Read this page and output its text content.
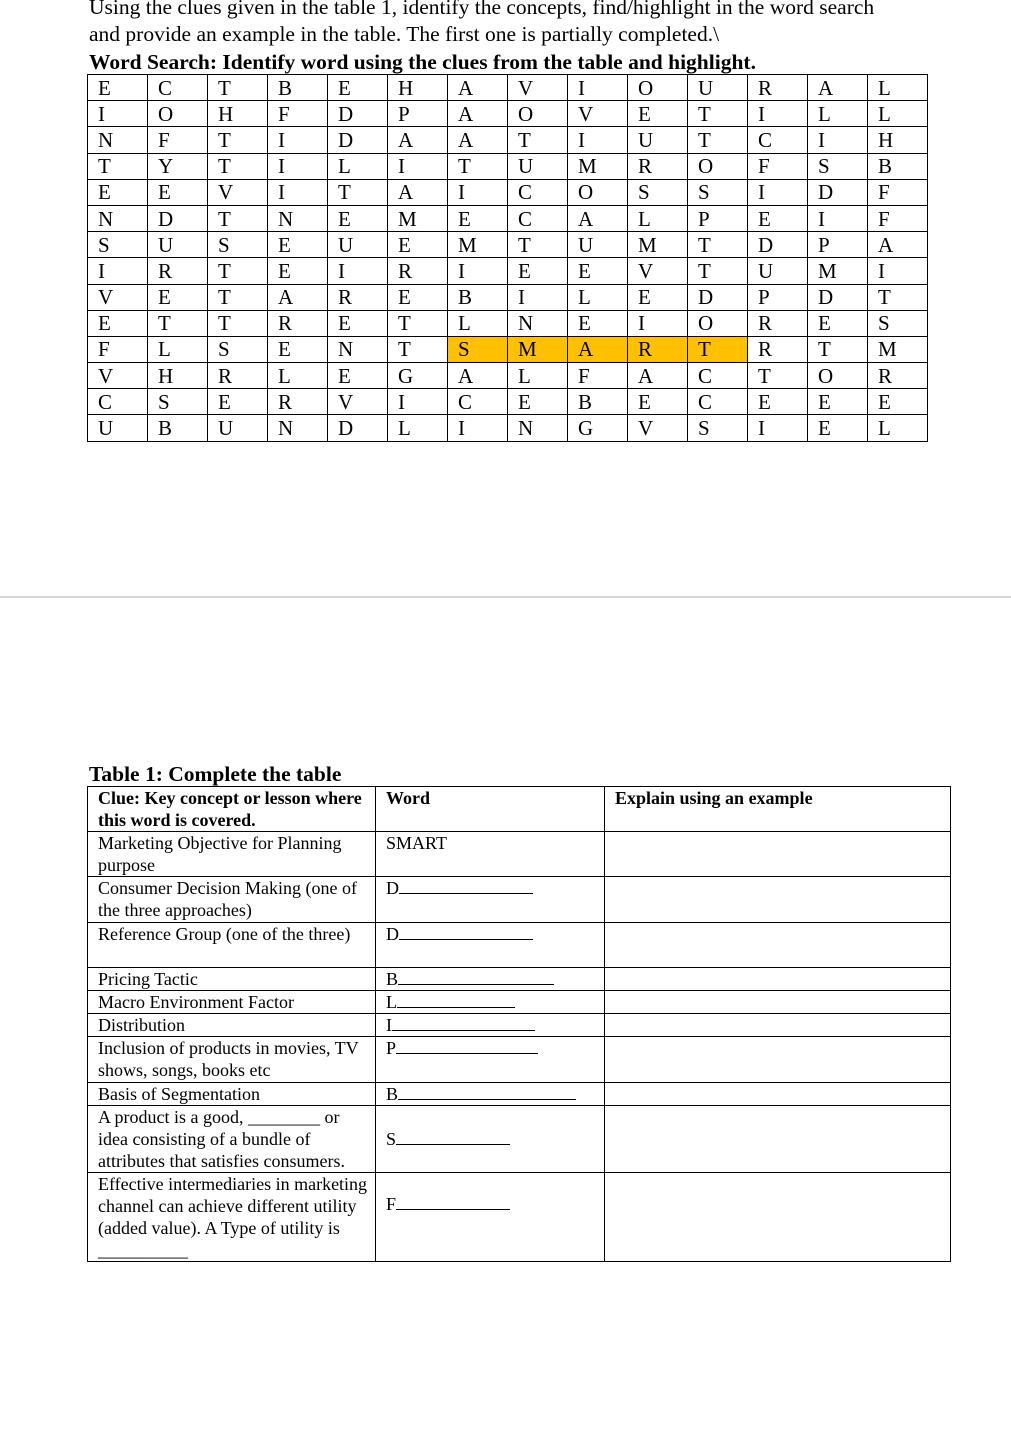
Using the clues given in the table 1, identify the concepts, find/highlight in the word search
and provide an example in the table. The first one is partially completed.\

Word Search: Identify word using the clues from the table and highlight.

E	C	T	B	E	H	A	V	I	O	U	R	A	L
I	O	H	F	D	P	A	O	V	E	T	I	L	L
N	F	T	I	D	A	A	T	I	U	T	C	I	H
T	Y	T	I	L	I	T	U	M	R	O	F	S	B
E	E	V	I	T	A	I	C	O	S	S	I	D	F
N	D	T	N	E	M	E	C	A	L	P	E	I	F
S	U	S	E	U	E	M	T	U	M	T	D	P	A
I	R	T	E	I	R	I	E	E	V	T	U	M	I
V	E	T	A	R	E	B	I	L	E	D	P	D	T
E	T	T	R	E	T	L	N	E	I	O	R	E	S
F	L	S	E	N	T	S	M	A	R	T	R	T	M
V	H	R	L	E	G	A	L	F	A	C	T	O	R
C	S	E	R	V	I	C	E	B	E	C	E	E	E
U	B	U	N	D	L	I	N	G	V	S	I	E	L

Table 1: Complete the table

Clue: Key concept or lesson where this word is covered.	Word	Explain using an example
Marketing Objective for Planning purpose	SMART	
Consumer Decision Making (one of the three approaches)	D	
Reference Group (one of the three)	D	
Pricing Tactic	B	
Macro Environment Factor	L	
Distribution	I	
Inclusion of products in movies, TV shows, songs, books etc	P	
Basis of Segmentation	B	
A product is a good, ________ or idea consisting of a bundle of attributes that satisfies consumers.	S	
Effective intermediaries in marketing channel can achieve different utility (added value). A Type of utility is __________	F	
